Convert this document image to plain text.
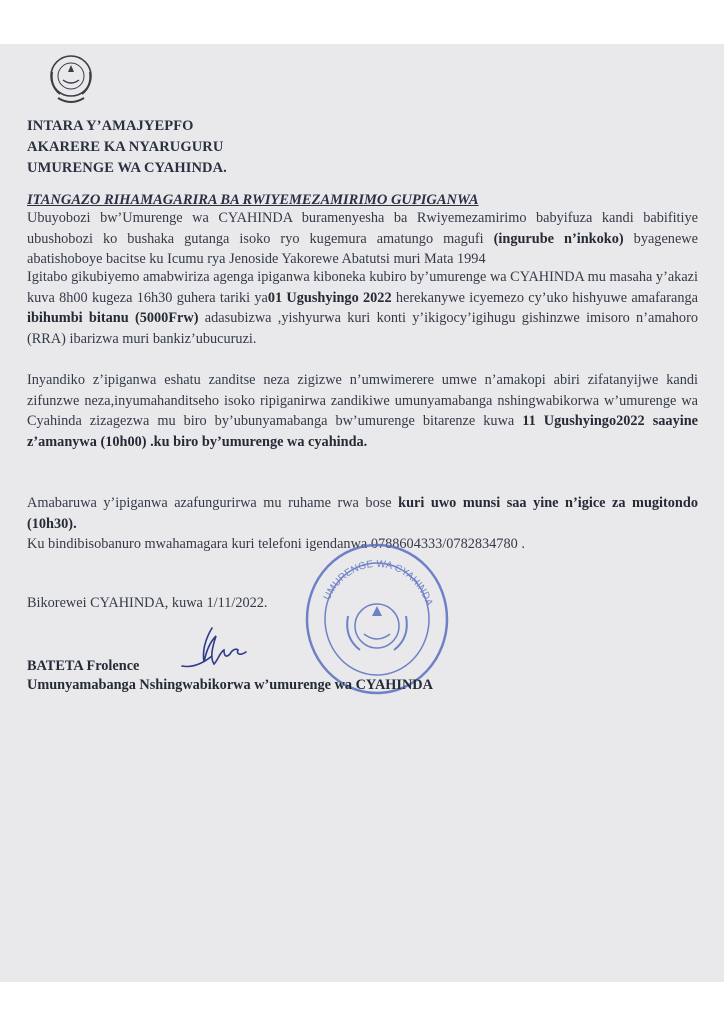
INTARA Y’AMAJYEPFO
AKARERE KA NYARUGURU
UMURENGE WA CYAHINDA.
ITANGAZO RIHAMAGARIRA BA RWIYEMEZAMIRIMO GUPIGANWA
Ubuyobozi bw’Umurenge wa CYAHINDA buramenyesha ba Rwiyemezamirimo babyifuza kandi babifitiye ubushobozi ko bushaka gutanga isoko ryo kugemura amatungo magufi (ingurube n’inkoko) byagenewe abatishoboye bacitse ku Icumu rya Jenoside Yakorewe Abatutsi muri Mata 1994
Igitabo gikubiyemo amabwiriza agenga ipiganwa kiboneka kubiro by’umurenge wa CYAHINDA mu masaha y’akazi kuva 8h00 kugeza 16h30 guhera tariki ya01 Ugushyingo 2022 herekanywe icyemezo cy’uko hishyuwe amafaranga ibihumbi bitanu (5000Frw) adasubizwa ,yishyurwa kuri konti y’ikigocy’igihugu gishinzwe imisoro n’amahoro (RRA) ibarizwa muri bankiz’ubucuruzi.
Inyandiko z’ipiganwa eshatu zanditse neza zigizwe n’umwimerere umwe n’amakopi abiri zifatanyijwe kandi zifunzwe neza,inyumahanditseho isoko ripiganirwa zandikiwe umunyamabanga nshingwabikorwa w’umurenge wa Cyahinda zizagezwa mu biro by’ubunyamabanga bw’umurenge bitarenze kuwa 11 Ugushyingo2022 saayine z’amanywa (10h00) .ku biro by’umurenge wa cyahinda.
Amabaruwa y’ipiganwa azafungurirwa mu ruhame rwa bose kuri uwo munsi saa yine n’igice za mugitondo (10h30).
Ku bindibisobanuro mwahamagara kuri telefoni igendanwa 0788604333/0782834780 .
Bikorewei CYAHINDA, kuwa 1/11/2022.	UMURENGE WA CYAHINDA
BATETA Frolence
Umunyamabanga Nshingwabikorwa w’umurenge wa CYAHINDA
